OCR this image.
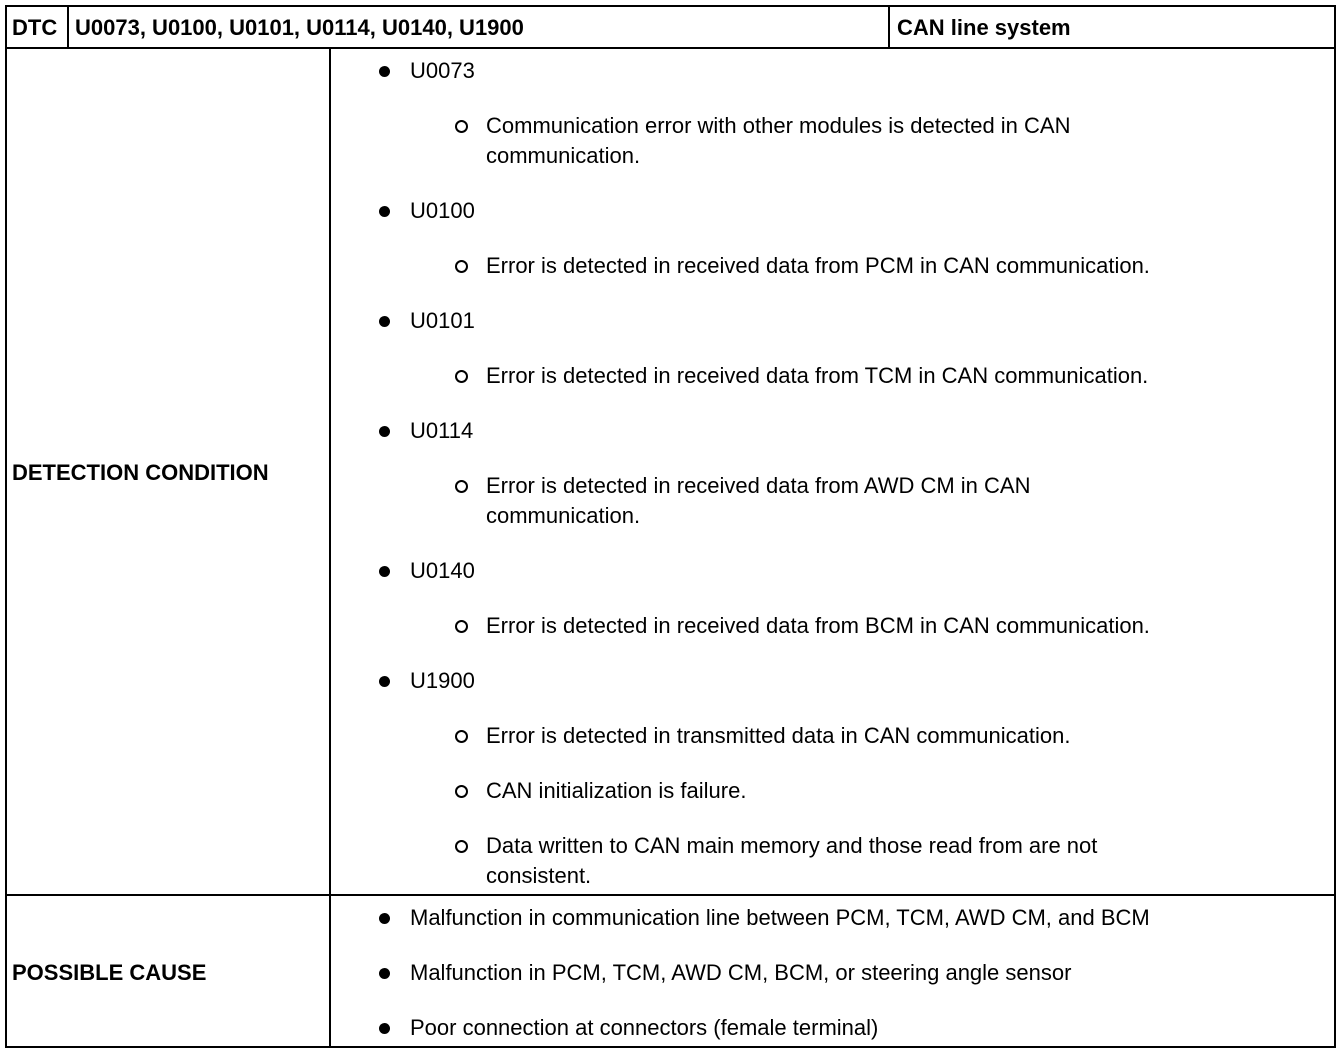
DTC U0073, U0100, U0101, U0114, U0140, U1900	CAN line system
DETECTION CONDITION
U0073
Communication error with other modules is detected in CAN
communication.
U0100
Error is detected in received data from PCM in CAN communication.
U0101
Error is detected in received data from TCM in CAN communication.
U0114
Error is detected in received data from AWD CM in CAN
communication.
U0140
Error is detected in received data from BCM in CAN communication.
U1900
Error is detected in transmitted data in CAN communication.
CAN initialization is failure.
Data written to CAN main memory and those read from are not
consistent.
POSSIBLE CAUSE
Malfunction in communication line between PCM, TCM, AWD CM, and BCM
Malfunction in PCM, TCM, AWD CM, BCM, or steering angle sensor
Poor connection at connectors (female terminal)
